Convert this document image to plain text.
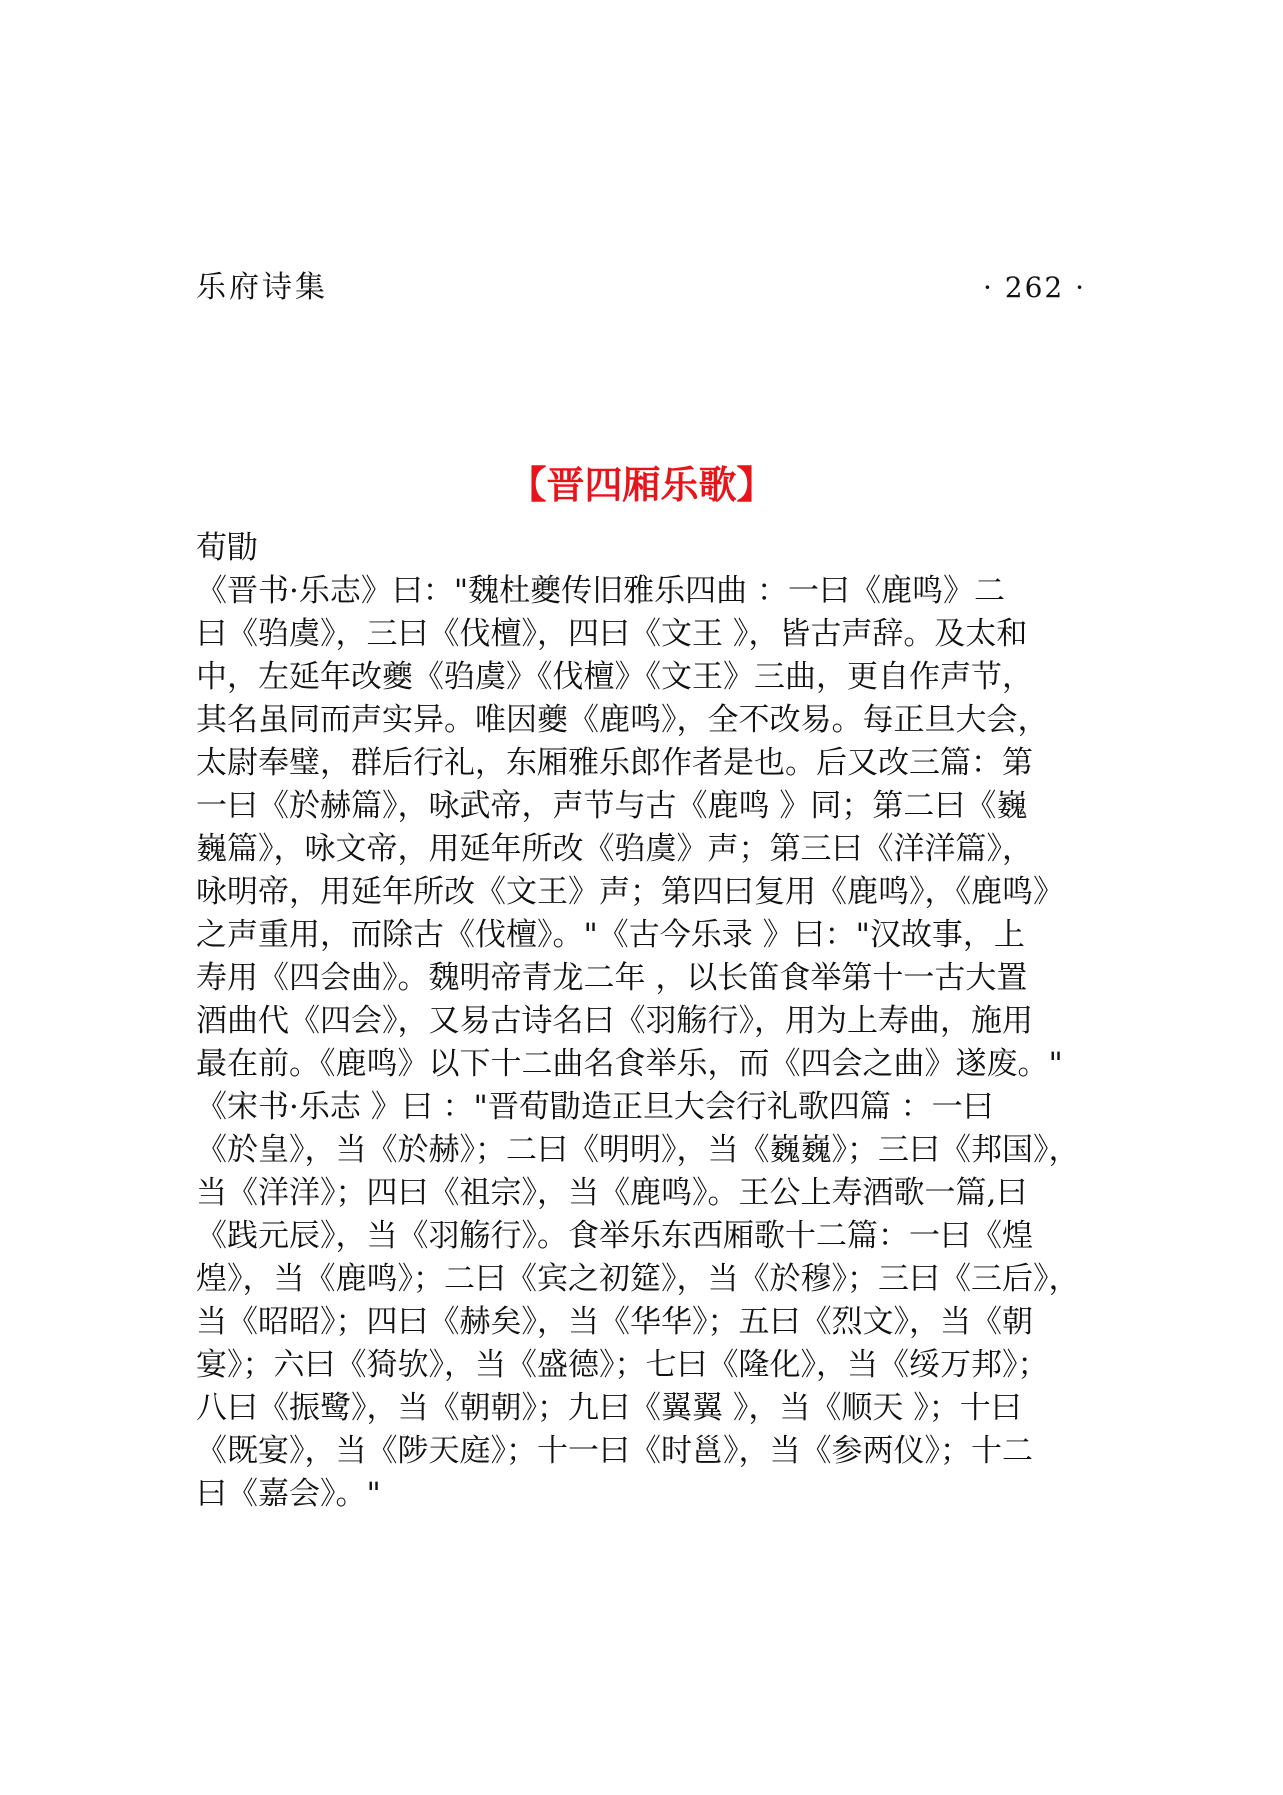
乐府诗集	· 262 ·
【晋四厢乐歌】
荀勖
《晋书·乐志》曰："魏杜夔传旧雅乐四曲 ：一曰《鹿鸣》二
曰《驺虞》，三曰《伐檀》，四曰《文王 》，皆古声辞。及太和
中，左延年改夔《驺虞》《伐檀》《文王》三曲，更自作声节，
其名虽同而声实异。唯因夔《鹿鸣》，全不改易。每正旦大会，
太尉奉璧，群后行礼，东厢雅乐郎作者是也。后又改三篇：第
一曰《於赫篇》，咏武帝，声节与古《鹿鸣 》同；第二曰《巍
巍篇》，咏文帝，用延年所改《驺虞》声；第三曰《洋洋篇》，
咏明帝，用延年所改《文王》声；第四曰复用《鹿鸣》，《鹿鸣》
之声重用，而除古《伐檀》。"《古今乐录 》曰："汉故事，上
寿用《四会曲》。魏明帝青龙二年 ，以长笛食举第十一古大置
酒曲代《四会》，又易古诗名曰《羽觞行》，用为上寿曲，施用
最在前。《鹿鸣》以下十二曲名食举乐，而《四会之曲》遂废。"
《宋书·乐志 》曰 ："晋荀勖造正旦大会行礼歌四篇 ：一曰
《於皇》，当《於赫》；二曰《明明》，当《巍巍》；三曰《邦国》，
当《洋洋》；四曰《祖宗》，当《鹿鸣》。王公上寿酒歌一篇,曰
《践元辰》，当《羽觞行》。食举乐东西厢歌十二篇：一曰《煌
煌》，当《鹿鸣》；二曰《宾之初筵》，当《於穆》；三曰《三后》，
当《昭昭》；四曰《赫矣》，当《华华》；五曰《烈文》，当《朝
宴》；六曰《猗欤》，当《盛德》；七曰《隆化》，当《绥万邦》；
八曰《振鹭》，当《朝朝》；九曰《翼翼 》，当《顺天 》；十曰
《既宴》，当《陟天庭》；十一曰《时邕》，当《参两仪》；十二
曰《嘉会》。"
